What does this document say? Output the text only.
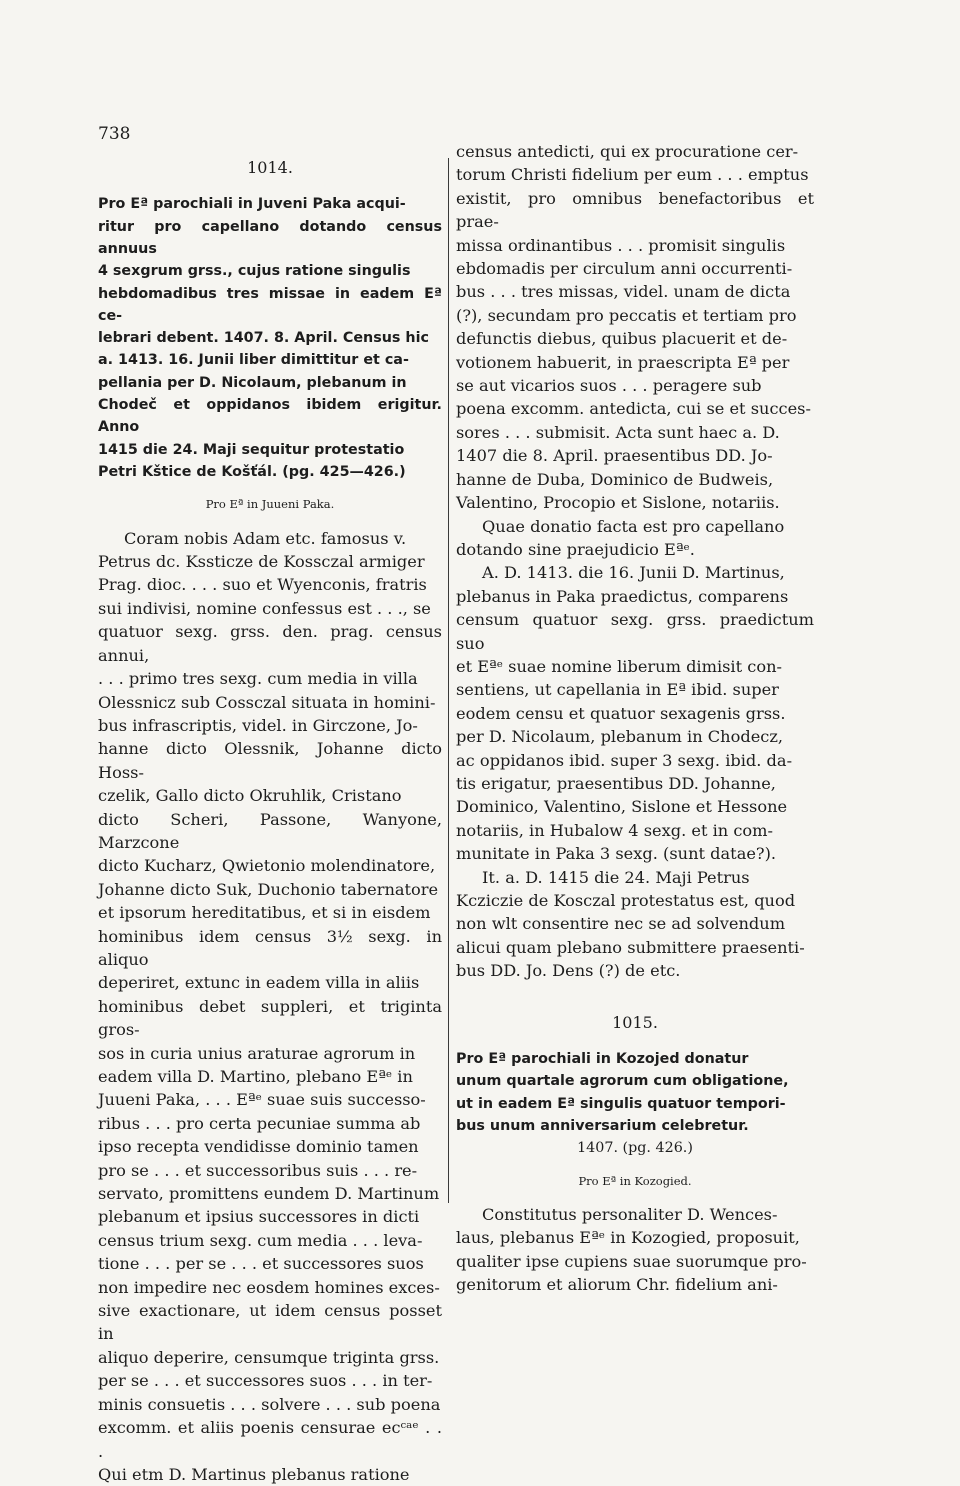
738
1014.
Pro Eª parochiali in Juveni Paka acqui-
ritur pro capellano dotando census annuus
4 sexgrum grss., cujus ratione singulis
hebdomadibus tres missae in eadem Eª ce-
lebrari debent. 1407. 8. April. Census hic
a. 1413. 16. Junii liber dimittitur et ca-
pellania per D. Nicolaum, plebanum in
Chodeč et oppidanos ibidem erigitur. Anno
1415 die 24. Maji sequitur protestatio
Petri Kštice de Košťál. (pg. 425—426.)
Pro Eª in Juueni Paka.
Coram nobis Adam etc. famosus v.
Petrus dc. Kssticze de Kossczal armiger
Prag. dioc. . . . suo et Wyenconis, fratris
sui indivisi, nomine confessus est . . ., se
quatuor sexg. grss. den. prag. census annui,
. . . primo tres sexg. cum media in villa
Olessnicz sub Cossczal situata in homini-
bus infrascriptis, videl. in Girczone, Jo-
hanne dicto Olessnik, Johanne dicto Hoss-
czelik, Gallo dicto Okruhlik, Cristano
dicto Scheri, Passone, Wanyone, Marzcone
dicto Kucharz, Qwietonio molendinatore,
Johanne dicto Suk, Duchonio tabernatore
et ipsorum hereditatibus, et si in eisdem
hominibus idem census 3½ sexg. in aliquo
deperiret, extunc in eadem villa in aliis
hominibus debet suppleri, et triginta gros-
sos in curia unius araturae agrorum in
eadem villa D. Martino, plebano Eªᵉ in
Juueni Paka, . . . Eªᵉ suae suis successo-
ribus . . . pro certa pecuniae summa ab
ipso recepta vendidisse dominio tamen
pro se . . . et successoribus suis . . . re-
servato, promittens eundem D. Martinum
plebanum et ipsius successores in dicti
census trium sexg. cum media . . . leva-
tione . . . per se . . . et successores suos
non impedire nec eosdem homines exces-
sive exactionare, ut idem census posset in
aliquo deperire, censumque triginta grss.
per se . . . et successores suos . . . in ter-
minis consuetis . . . solvere . . . sub poena
excomm. et aliis poenis censurae ecᶜᵃᵉ . . .
Qui etm D. Martinus plebanus ratione
census antedicti, qui ex procuratione cer-
torum Christi fidelium per eum . . . emptus
existit, pro omnibus benefactoribus et prae-
missa ordinantibus . . . promisit singulis
ebdomadis per circulum anni occurrenti-
bus . . . tres missas, videl. unam de dicta
(?), secundam pro peccatis et tertiam pro
defunctis diebus, quibus placuerit et de-
votionem habuerit, in praescripta Eª per
se aut vicarios suos . . . peragere sub
poena excomm. antedicta, cui se et succes-
sores . . . submisit. Acta sunt haec a. D.
1407 die 8. April. praesentibus DD. Jo-
hanne de Duba, Dominico de Budweis,
Valentino, Procopio et Sislone, notariis.
Quae donatio facta est pro capellano
dotando sine praejudicio Eªᵉ.
A. D. 1413. die 16. Junii D. Martinus,
plebanus in Paka praedictus, comparens
censum quatuor sexg. grss. praedictum suo
et Eªᵉ suae nomine liberum dimisit con-
sentiens, ut capellania in Eª ibid. super
eodem censu et quatuor sexagenis grss.
per D. Nicolaum, plebanum in Chodecz,
ac oppidanos ibid. super 3 sexg. ibid. da-
tis erigatur, praesentibus DD. Johanne,
Dominico, Valentino, Sislone et Hessone
notariis, in Hubalow 4 sexg. et in com-
munitate in Paka 3 sexg. (sunt datae?).
It. a. D. 1415 die 24. Maji Petrus
Kcziczie de Kosczal protestatus est, quod
non wlt consentire nec se ad solvendum
alicui quam plebano submittere praesenti-
bus DD. Jo. Dens (?) de etc.
1015.
Pro Eª parochiali in Kozojed donatur
unum quartale agrorum cum obligatione,
ut in eadem Eª singulis quatuor tempori-
bus unum anniversarium celebretur.
1407. (pg. 426.)
Pro Eª in Kozogied.
Constitutus personaliter D. Wences-
laus, plebanus Eªᵉ in Kozogied, proposuit,
qualiter ipse cupiens suae suorumque pro-
genitorum et aliorum Chr. fidelium ani-
